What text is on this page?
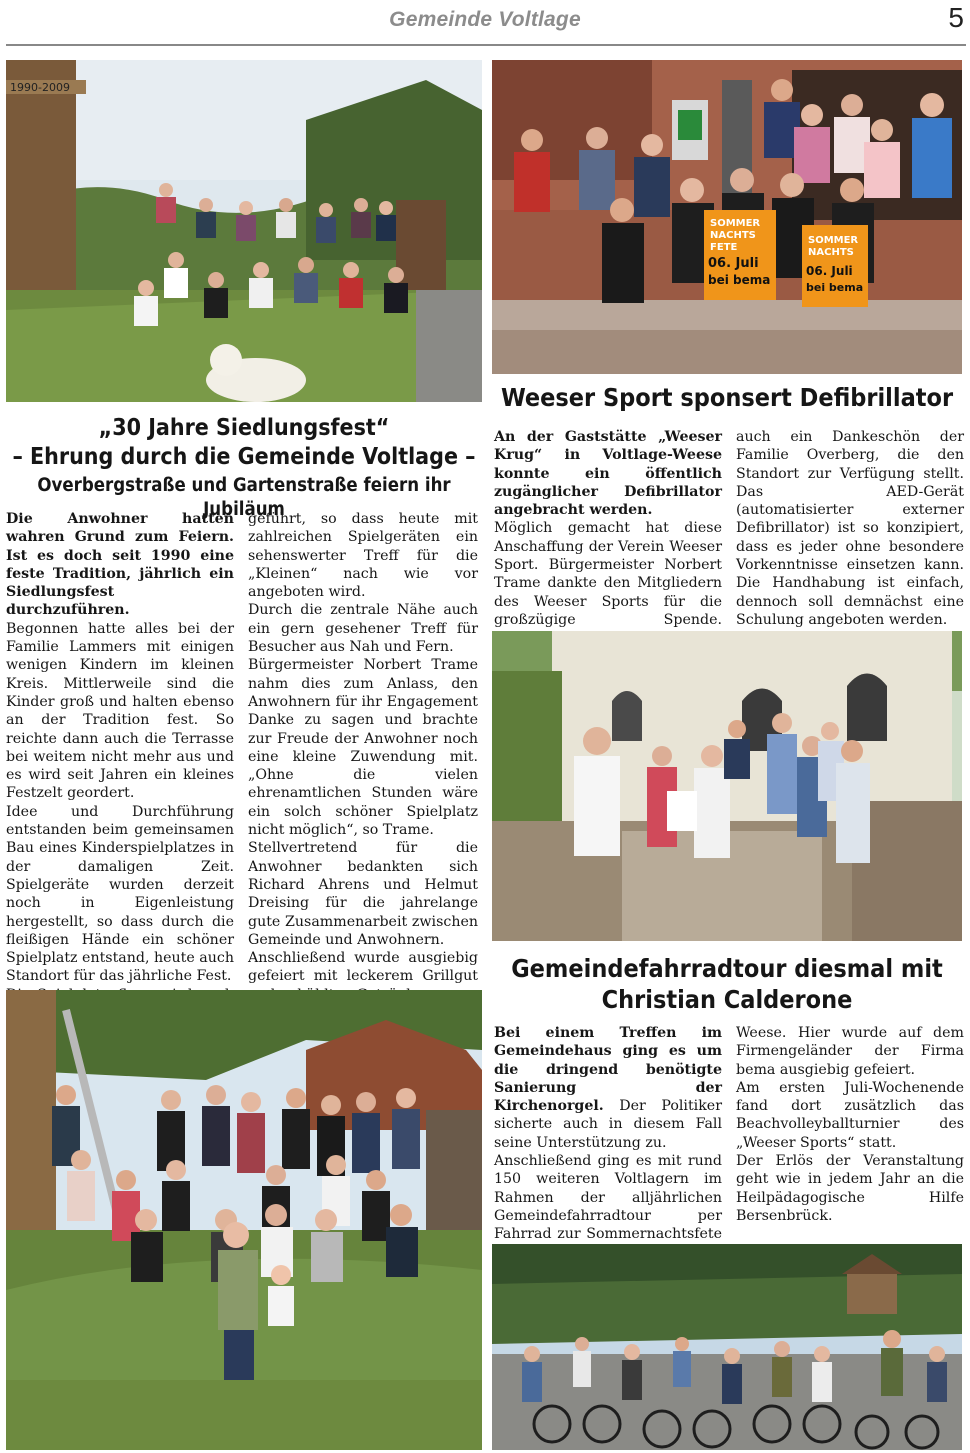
Gemeinde Voltlage	5
1990-2009
SOMMER
NACHTS
FETE
06. Juli
bei bema
SOMMER
NACHTS
06. Juli
bei bema
„30 Jahre Siedlungsfest“
– Ehrung durch die Gemeinde Voltlage –
Overbergstraße und Gartenstraße feiern ihr Jubiläum

Die Anwohner hatten wahren Grund zum Feiern. Ist es doch seit 1990 eine feste Tradition, jährlich ein Siedlungsfest durchzuführen.

Begonnen hatte alles bei der Familie Lammers mit einigen wenigen Kindern im kleinen Kreis. Mittlerweile sind die Kinder groß und halten ebenso an der Tradition fest. So reichte dann auch die Terrasse bei weitem nicht mehr aus und es wird seit Jahren ein kleines Festzelt geordert.

Idee und Durchführung entstanden beim gemeinsamen Bau eines Kinderspielplatzes in der damaligen Zeit. Spielgeräte wurden derzeit noch in Eigenleistung hergestellt, so dass durch die fleißigen Hände ein schöner Spielplatz entstand, heute auch Standort für das jährliche Fest.

geführt, so dass heute mit zahlreichen Spielgeräten ein sehenswerter Treff für die „Kleinen“ nach wie vor angeboten wird.

Durch die zentrale Nähe auch ein gern gesehener Treff für Besucher aus Nah und Fern.

Bürgermeister Norbert Trame nahm dies zum Anlass, den Anwohnern für ihr Engagement Danke zu sagen und brachte zur Freude der Anwohner noch eine kleine Zuwendung mit. „Ohne die vielen ehrenamtlichen Stunden wäre ein solch schöner Spielplatz nicht möglich“, so Trame.

Stellvertretend für die Anwohner bedankten sich Richard Ahrens und Helmut Dreising für die jahrelange gute Zusammenarbeit zwischen Gemeinde und Anwohnern.

Anschließend wurde ausgiebig gefeiert mit leckerem Grillgut

Weeser Sport sponsert Defibrillator

An der Gaststätte „Weeser Krug“ in Voltlage-Weese konnte ein öffentlich zugänglicher Defibrillator angebracht werden.

Möglich gemacht hat diese Anschaffung der Verein Weeser Sport. Bürgermeister Norbert Trame dankte den Mitgliedern des Weeser Sports für die großzügige Spende.

auch ein Dankeschön der Familie Overberg, die den Standort zur Verfügung stellt. Das AED-Gerät (automatisierter externer Defibrillator) ist so konzipiert, dass es jeder ohne besondere Vorkenntnisse einsetzen kann. Die Handhabung ist einfach, dennoch soll demnächst eine Schulung angeboten werden.

Gemeindefahrradtour diesmal mit
Christian Calderone

Bei einem Treffen im Gemeindehaus ging es um die dringend benötigte Sanierung der Kirchenorgel. Der Politiker sicherte auch in diesem Fall seine Unterstützung zu.

Anschließend ging es mit rund 150 weiteren Voltlagern im Rahmen der alljährlichen Gemeindefahrradtour per Fahrrad zur Sommernachtsfete

Weese. Hier wurde auf dem Firmengeländer der Firma bema ausgiebig gefeiert.

Am ersten Juli-Wochenende fand dort zusätzlich das Beachvolleyballturnier des „Weeser Sports“ statt.

Der Erlös der Veranstaltung geht wie in jedem Jahr an die Heilpädagogische Hilfe Bersenbrück.
